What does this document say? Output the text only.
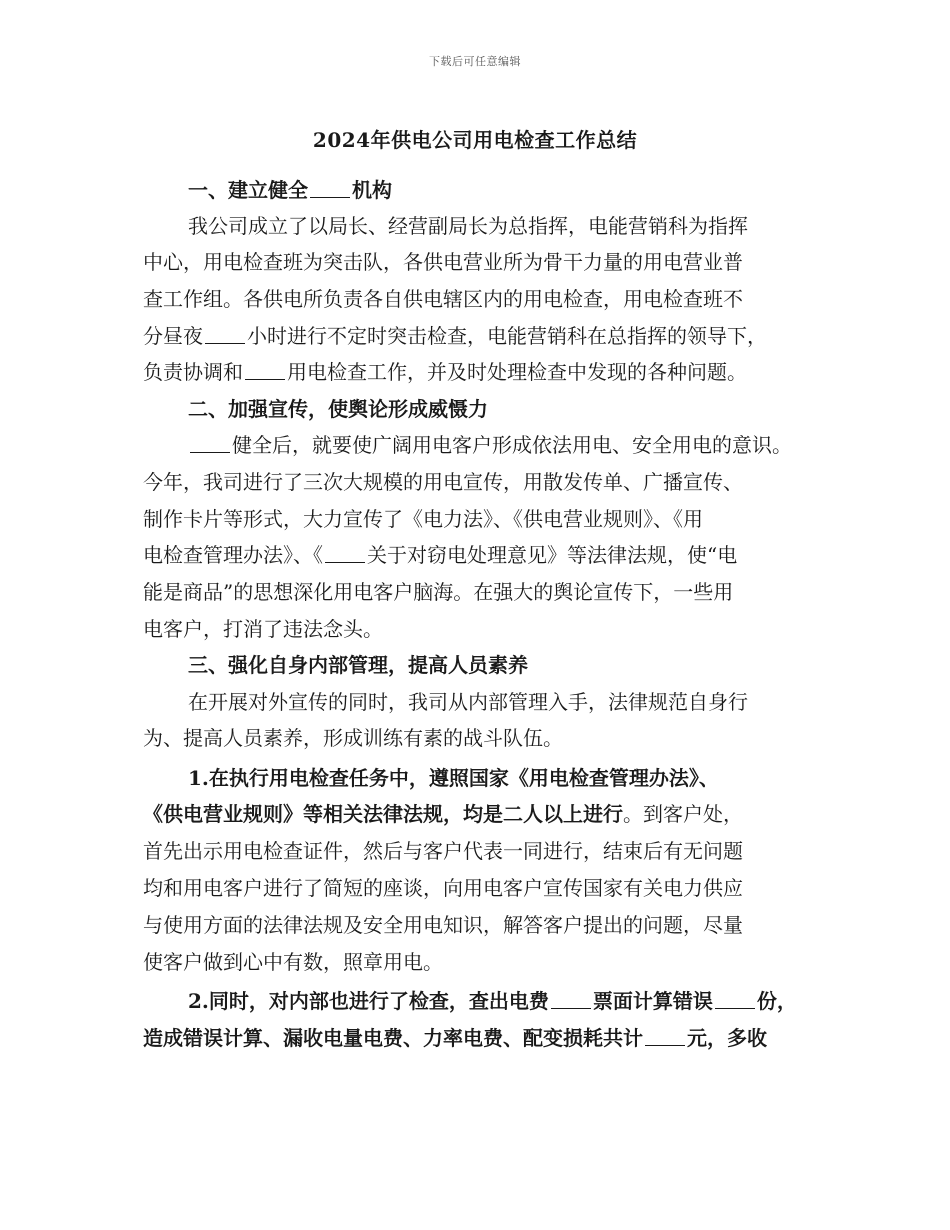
下载后可任意编辑
2024年供电公司用电检查工作总结
一、建立健全 机构
我公司成立了以局长、经营副局长为总指挥，电能营销科为指挥
中心，用电检查班为突击队，各供电营业所为骨干力量的用电营业普
查工作组。各供电所负责各自供电辖区内的用电检查，用电检查班不
分昼夜 小时进行不定时突击检查，电能营销科在总指挥的领导下，
负责协调和 用电检查工作，并及时处理检查中发现的各种问题。
二、加强宣传，使舆论形成威慑力
健全后，就要使广阔用电客户形成依法用电、安全用电的意识。
今年，我司进行了三次大规模的用电宣传，用散发传单、广播宣传、
制作卡片等形式，大力宣传了《电力法》、《供电营业规则》、《用
电检查管理办法》、《 关于对窃电处理意见》等法律法规，使“电
能是商品”的思想深化用电客户脑海。在强大的舆论宣传下，一些用
电客户，打消了违法念头。
三、强化自身内部管理，提高人员素养
在开展对外宣传的同时，我司从内部管理入手，法律规范自身行
为、提高人员素养，形成训练有素的战斗队伍。
1.在执行用电检查任务中，遵照国家《用电检查管理办法》、
《供电营业规则》等相关法律法规，均是二人以上进行。到客户处，
首先出示用电检查证件，然后与客户代表一同进行，结束后有无问题
均和用电客户进行了简短的座谈，向用电客户宣传国家有关电力供应
与使用方面的法律法规及安全用电知识，解答客户提出的问题，尽量
使客户做到心中有数，照章用电。
2.同时，对内部也进行了检查，查出电费 票面计算错误 份，
造成错误计算、漏收电量电费、力率电费、配变损耗共计 元，多收
